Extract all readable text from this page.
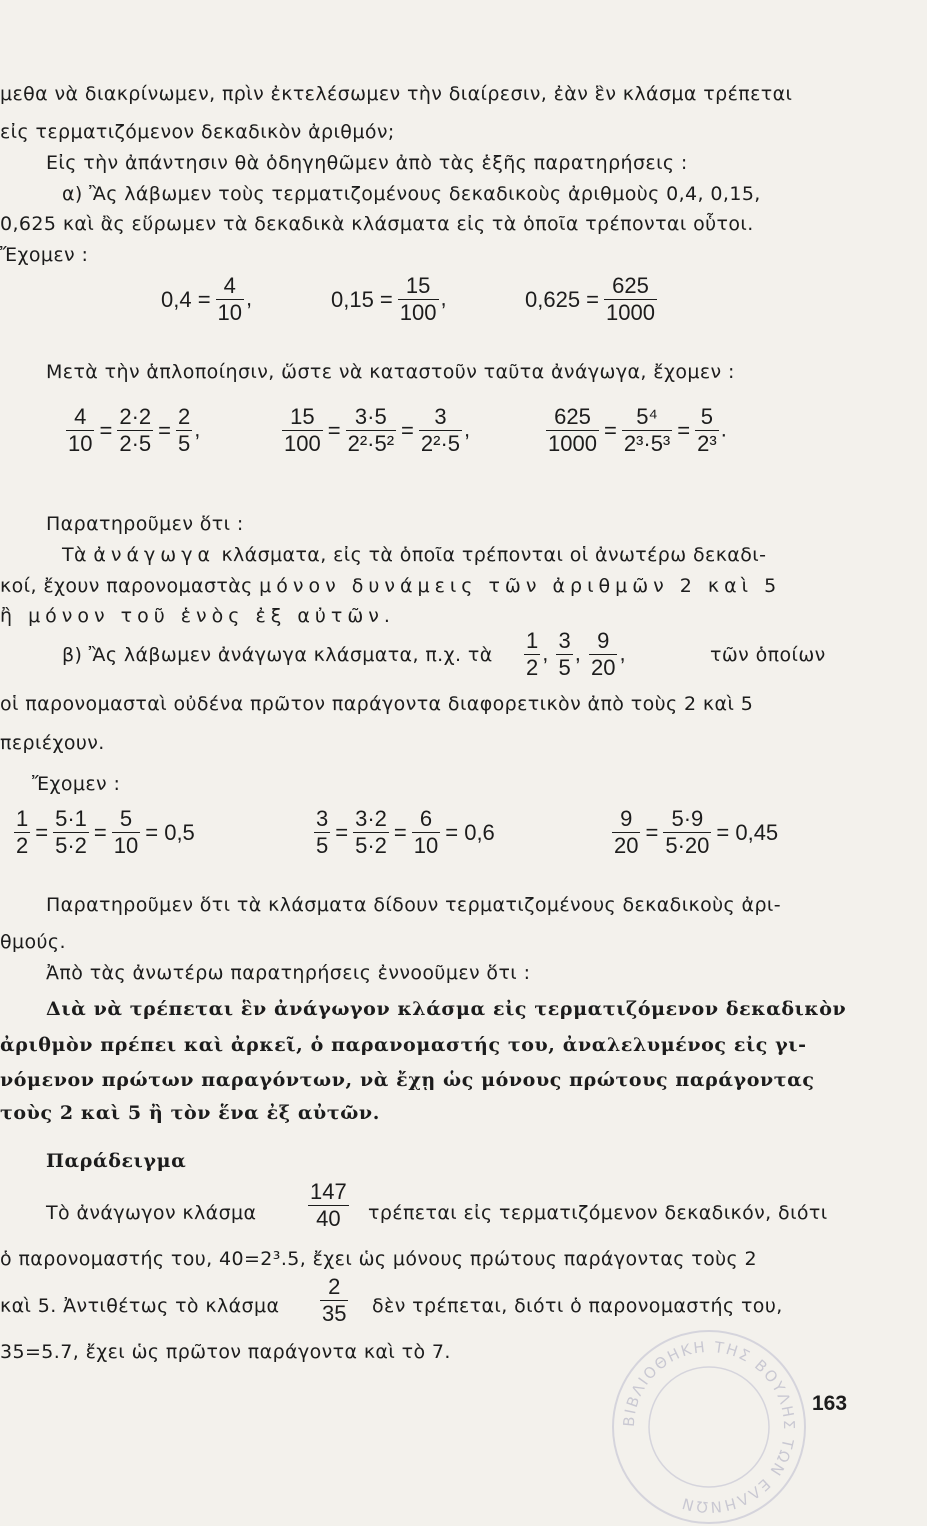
μεθα νὰ διακρίνωμεν, πρὶν ἐκτελέσωμεν τὴν διαίρεσιν, ἐὰν ἓν κλάσμα τρέπεται
εἰς τερματιζόμενον δεκαδικὸν ἀριθμόν;
Εἰς τὴν ἀπάντησιν θὰ ὁδηγηθῶμεν ἀπὸ τὰς ἑξῆς παρατηρήσεις :
α) Ἂς λάβωμεν τοὺς τερματιζομένους δεκαδικοὺς ἀριθμοὺς 0,4, 0,15,
0,625 καὶ ἂς εὕρωμεν τὰ δεκαδικὰ κλάσματα εἰς τὰ ὁποῖα τρέπονται οὗτοι.
Ἔχομεν :
$0,4 = \frac{4}{10}$ ,	$0,15 = \frac{15}{100}$ ,	$0,625 = \frac{625}{1000}$
Μετὰ τὴν ἁπλοποίησιν, ὥστε νὰ καταστοῦν ταῦτα ἀνάγωγα, ἔχομεν :
$\frac{4}{10} = \frac{2\cdot 2}{2\cdot 5} = \frac{2}{5}$ ,	$\frac{15}{100} = \frac{3\cdot 5}{\text{2²·5²}} = \frac{3}{\text{2²·5}}$ ,	$\frac{625}{1000} = \frac{\text{5⁴}}{\text{2³·5³}} = \frac{5}{\text{2³}}$ .
Παρατηροῦμεν ὅτι :
Τὰ ἀνάγωγα κλάσματα, εἰς τὰ ὁποῖα τρέπονται οἱ ἀνωτέρω δεκαδι-
κοί, ἔχουν παρονομαστὰς μόνον δυνάμεις τῶν ἀριθμῶν 2 καὶ 5
ἢ μόνον τοῦ ἑνὸς ἐξ αὐτῶν.
β) Ἂς λάβωμεν ἀνάγωγα κλάσματα, π.χ. τὰ $\frac{1}{2}$ , $\frac{3}{5}$ , $\frac{9}{20}$ ,	τῶν ὁποίων
οἱ παρονομασταὶ οὐδένα πρῶτον παράγοντα διαφορετικὸν ἀπὸ τοὺς 2 καὶ 5
περιέχουν.
Ἔχομεν :
$\frac{1}{2} = \frac{5\cdot 1}{5\cdot 2} = \frac{5}{10} = 0,5$	$\frac{3}{5} = \frac{3\cdot 2}{5\cdot 2} = \frac{6}{10} = 0,6$	$\frac{9}{20} = \frac{5\cdot 9}{5\cdot 20} = 0,45$
Παρατηροῦμεν ὅτι τὰ κλάσματα δίδουν τερματιζομένους δεκαδικοὺς ἀρι-
θμούς.
Ἀπὸ τὰς ἀνωτέρω παρατηρήσεις ἐννοοῦμεν ὅτι :
Διὰ νὰ τρέπεται ἓν ἀνάγωγον κλάσμα εἰς τερματιζόμενον δεκαδικὸν
ἀριθμὸν πρέπει καὶ ἀρκεῖ, ὁ παρανομαστής του, ἀναλελυμένος εἰς γι-
νόμενον πρώτων παραγόντων, νὰ ἔχῃ ὡς μόνους πρώτους παράγοντας
τοὺς 2 καὶ 5 ἢ τὸν ἕνα ἐξ αὐτῶν.
Παράδειγμα
Τὸ ἀνάγωγον κλάσμα $\frac{147}{40}$ τρέπεται εἰς τερματιζόμενον δεκαδικόν, διότι
ὁ παρονομαστής του, 40=2³.5, ἔχει ὡς μόνους πρώτους παράγοντας τοὺς 2
καὶ 5. Ἀντιθέτως τὸ κλάσμα $\frac{2}{35}$ δὲν τρέπεται, διότι ὁ παρονομαστής του,
35=5.7, ἔχει ὡς πρῶτον παράγοντα καὶ τὸ 7.
163
ΒΙΒΛΙΟΘΗΚΗ ΤΗΣ ΒΟΥΛΗΣ ΤΩΝ ΕΛΛΗΝΩΝ
